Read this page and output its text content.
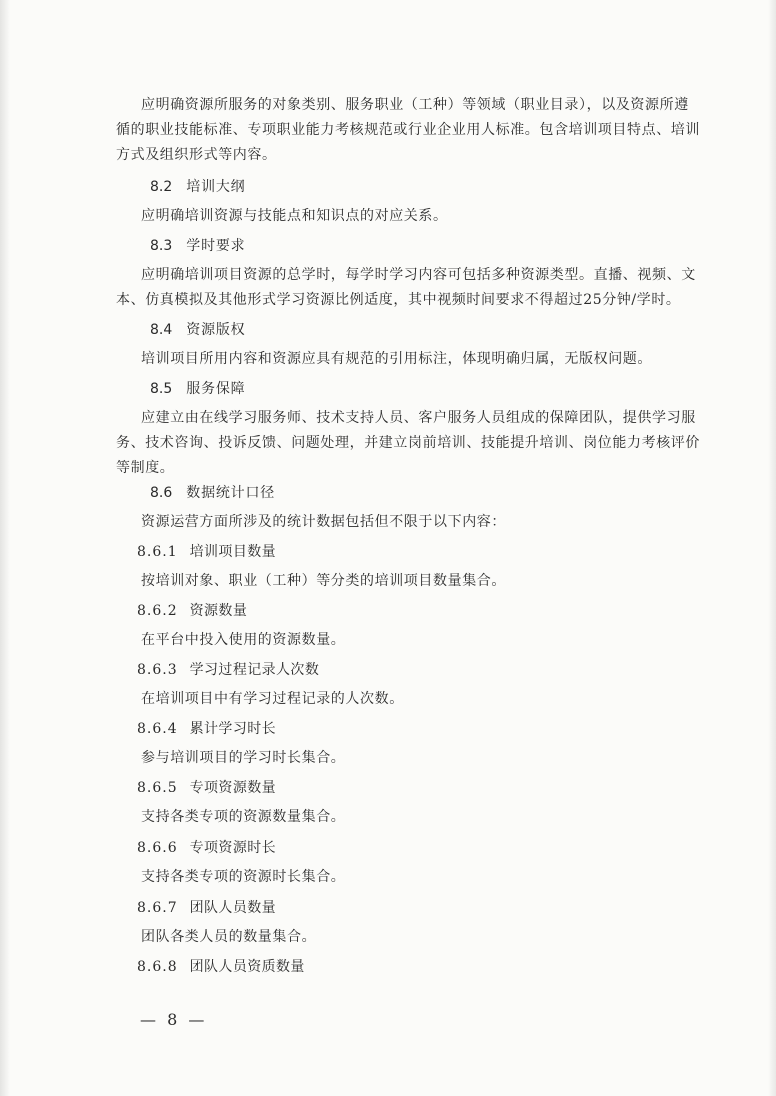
应明确资源所服务的对象类别、服务职业（工种）等领域（职业目录），以及资源所遵
循的职业技能标准、专项职业能力考核规范或行业企业用人标准。包含培训项目特点、培训
方式及组织形式等内容。
8.2 培训大纲
应明确培训资源与技能点和知识点的对应关系。
8.3 学时要求
应明确培训项目资源的总学时，每学时学习内容可包括多种资源类型。直播、视频、文
本、仿真模拟及其他形式学习资源比例适度，其中视频时间要求不得超过25分钟/学时。
8.4 资源版权
培训项目所用内容和资源应具有规范的引用标注，体现明确归属，无版权问题。
8.5 服务保障
应建立由在线学习服务师、技术支持人员、客户服务人员组成的保障团队，提供学习服
务、技术咨询、投诉反馈、问题处理，并建立岗前培训、技能提升培训、岗位能力考核评价
等制度。
8.6 数据统计口径
资源运营方面所涉及的统计数据包括但不限于以下内容：
8.6.1 培训项目数量
按培训对象、职业（工种）等分类的培训项目数量集合。
8.6.2 资源数量
在平台中投入使用的资源数量。
8.6.3 学习过程记录人次数
在培训项目中有学习过程记录的人次数。
8.6.4 累计学习时长
参与培训项目的学习时长集合。
8.6.5 专项资源数量
支持各类专项的资源数量集合。
8.6.6 专项资源时长
支持各类专项的资源时长集合。
8.6.7 团队人员数量
团队各类人员的数量集合。
8.6.8 团队人员资质数量
— 8 —
